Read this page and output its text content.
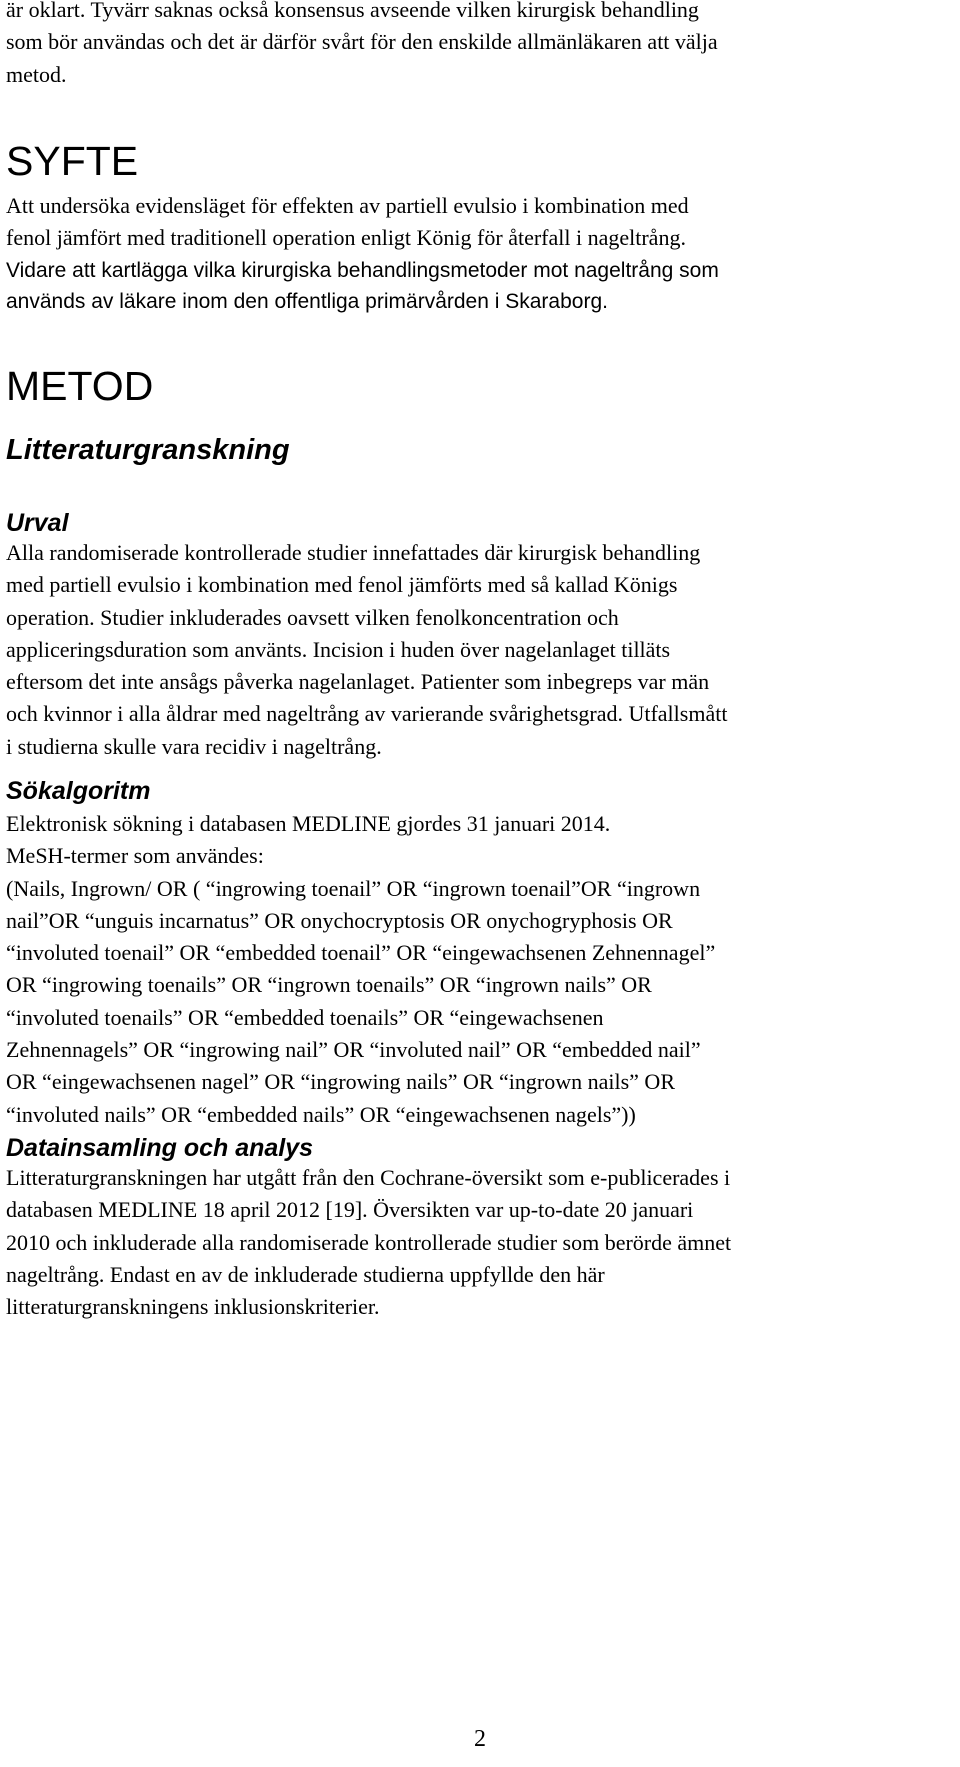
är oklart. Tyvärr saknas också konsensus avseende vilken kirurgisk behandling
som bör användas och det är därför svårt för den enskilde allmänläkaren att välja
metod.
SYFTE
Att undersöka evidensläget för effekten av partiell evulsio i kombination med
fenol jämfört med traditionell operation enligt König för återfall i nageltrång.
Vidare att kartlägga vilka kirurgiska behandlingsmetoder mot nageltrång som
används av läkare inom den offentliga primärvården i Skaraborg.
METOD
Litteraturgranskning
Urval
Alla randomiserade kontrollerade studier innefattades där kirurgisk behandling
med partiell evulsio i kombination med fenol jämförts med så kallad Königs
operation. Studier inkluderades oavsett vilken fenolkoncentration och
appliceringsduration som använts. Incision i huden över nagelanlaget tilläts
eftersom det inte ansågs påverka nagelanlaget. Patienter som inbegreps var män
och kvinnor i alla åldrar med nageltrång av varierande svårighetsgrad. Utfallsmått
i studierna skulle vara recidiv i nageltrång.
Sökalgoritm
Elektronisk sökning i databasen MEDLINE gjordes 31 januari 2014.
MeSH-termer som användes:
(Nails, Ingrown/ OR ( “ingrowing toenail” OR “ingrown toenail”OR “ingrown
nail”OR “unguis incarnatus” OR onychocryptosis OR onychogryphosis OR
“involuted toenail” OR “embedded toenail” OR “eingewachsenen Zehnennagel”
OR “ingrowing toenails” OR “ingrown toenails” OR “ingrown nails” OR
“involuted toenails” OR “embedded toenails” OR “eingewachsenen
Zehnennagels” OR “ingrowing nail” OR “involuted nail” OR “embedded nail”
OR “eingewachsenen nagel” OR “ingrowing nails” OR “ingrown nails” OR
“involuted nails” OR “embedded nails” OR “eingewachsenen nagels”))
Datainsamling och analys
Litteraturgranskningen har utgått från den Cochrane-översikt som e-publicerades i
databasen MEDLINE 18 april 2012 [19]. Översikten var up-to-date 20 januari
2010 och inkluderade alla randomiserade kontrollerade studier som berörde ämnet
nageltrång. Endast en av de inkluderade studierna uppfyllde den här
litteraturgranskningens inklusionskriterier.
2
